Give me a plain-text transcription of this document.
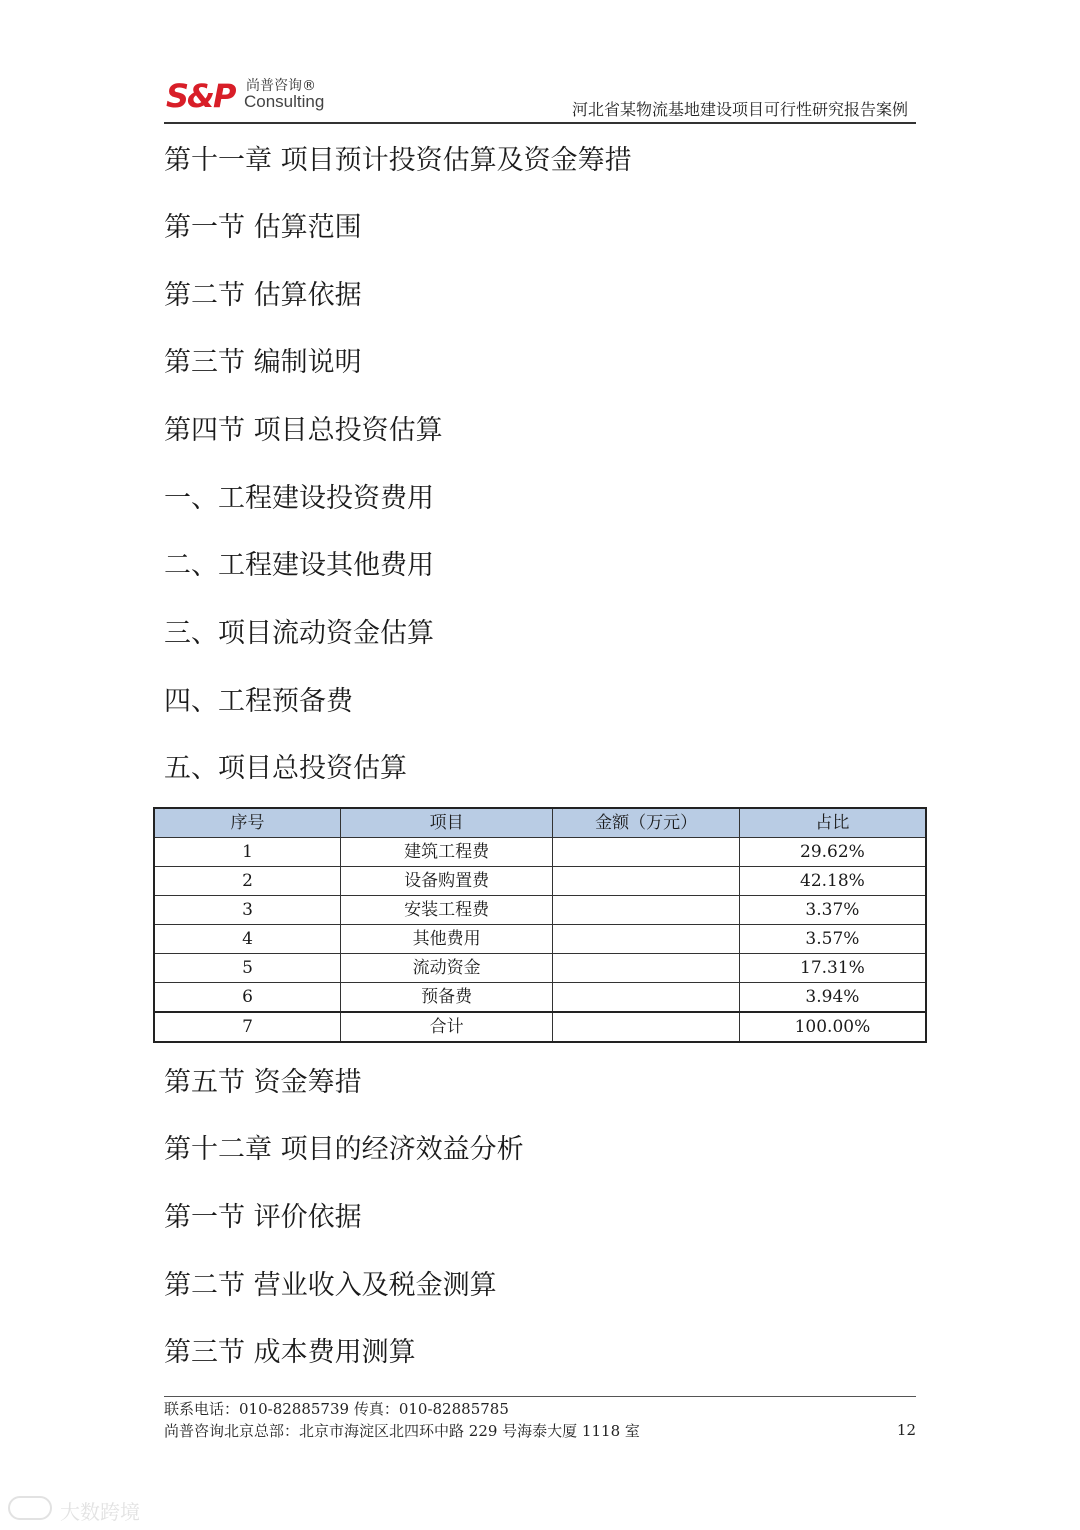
S&P 尚普咨询®
Consulting	河北省某物流基地建设项目可行性研究报告案例
第十一章 项目预计投资估算及资金筹措
第一节 估算范围
第二节 估算依据
第三节 编制说明
第四节 项目总投资估算
一、工程建设投资费用
二、工程建设其他费用
三、项目流动资金估算
四、工程预备费
五、项目总投资估算
序号	项目	金额（万元）	占比
1	建筑工程费		29.62%
2	设备购置费		42.18%
3	安装工程费		3.37%
4	其他费用		3.57%
5	流动资金		17.31%
6	预备费		3.94%
7	合计		100.00%
第五节 资金筹措
第十二章 项目的经济效益分析
第一节 评价依据
第二节 营业收入及税金测算
第三节 成本费用测算
联系电话：010-82885739 传真：010-82885785
尚普咨询北京总部：北京市海淀区北四环中路 229 号海泰大厦 1118 室	12
大数跨境
